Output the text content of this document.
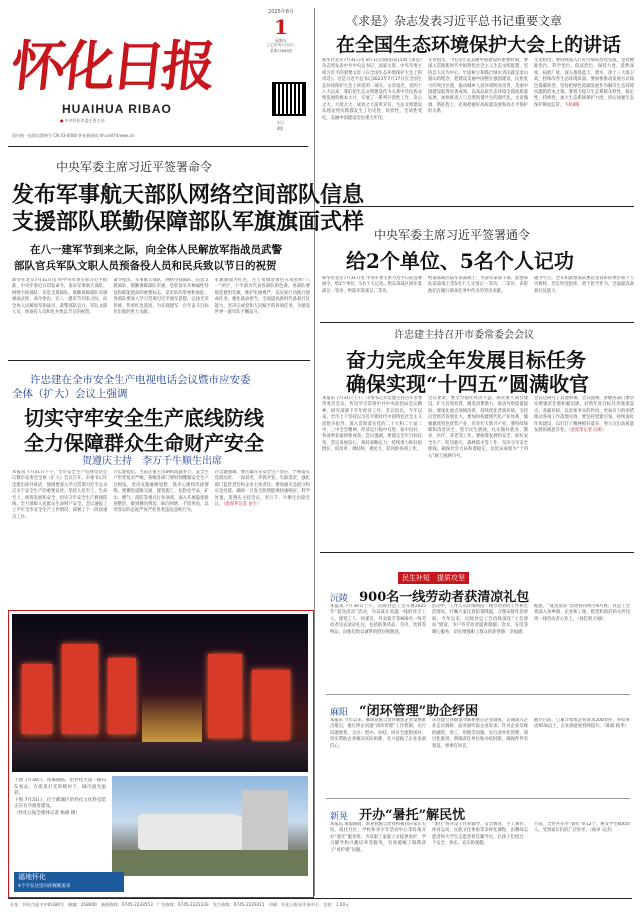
怀化日报
HUAIHUA RIBAO
● 中共怀化市委主管主办
国内统一连续出版物号 CN 43-0000 怀化新闻网 hh.ce074news.cn
2025年8月
1
星期五
乙巳年闰六月初八
星期13682期
今日
4版
《求是》杂志发表习近平总书记重要文章
在全国生态环境保护大会上的讲话
新华社北京7月31日电 8月1日出版的第15期《求是》杂志将发表中共中央总书记、国家主席、中央军委主席习近平的重要文章《在全国生态环境保护大会上的讲话》。这是习近平总书记2023年7月17日在全国生态环境保护大会上讲话的一部分。文章指出，党的十八大以来，我们把生态文明建设作为关系中华民族永续发展的根本大计，开展了一系列开创性工作，决心之大、力度之大、成效之大前所未有，生态文明建设从理论到实践都发生了历史性、转折性、全局性变化，美丽中国建设迈出重大步伐。
文章指出，今后5年是美丽中国建设的重要时期，要深入贯彻新时代中国特色社会主义生态文明思想，坚持以人民为中心，牢固树立和践行绿水青山就是金山银山的理念，把建设美丽中国摆在强国建设、民族复兴的突出位置，推动城乡人居环境明显改善、美丽中国建设取得显著成效，以高品质生态环境支撑高质量发展，加快推进人与自然和谐共生的现代化。文章强调，新征程上，必须把握好高质量发展和高水平保护的关系。
文章指出，要持续深入打好污染防治攻坚战，坚持精准治污、科学治污、依法治污，保持力度、延伸深度、拓展广度，深入推进蓝天、碧水、净土三大保卫战，持续改善生态环境质量。要加快推动发展方式绿色低碳转型，坚持把绿色低碳发展作为解决生态环境问题的治本之策。要着力提升生态系统多样性、稳定性、持续性，加大生态系统保护力度，切实加强生态保护修复监管。下转4版
中央军委主席习近平签署命令
发布军事航天部队网络空间部队信息
支援部队联勤保障部队军旗旗面式样
在八一建军节到来之际，向全体人民解放军指战员武警
部队官兵军队文职人员预备役人员和民兵致以节日的祝贺
新华社北京7月31日电 经中央军委主席习近平批准，中央军委近日印发命令，发布军事航天部队、网络空间部队、信息支援部队、联勤保障部队军旗旗面式样。命令指出，在八一建军节到来之际，向全体人民解放军指战员、武警部队官兵、军队文职人员、预备役人员和民兵致以节日的祝贺。
命令指出，军事航天部队、网络空间部队、信息支援部队、联勤保障部队军旗，是彰显军兵种属性特征和职能使命的重要标志，是军队的荣誉和象征。各部队要深入学习贯彻习近平强军思想，弘扬光荣传统，传承红色基因，为实现建军一百年奋斗目标作出新的更大贡献。
军旗旗面为红色，左上角缀金黄色五角星和“八一”两字，下半部为代表各部队的色条。各部队要规范使用军旗，维护军旗尊严，以实际行动践行使命任务，强化使命担当，全面提高新时代备战打仗能力，坚决完成党和人民赋予的各项任务，为建设世界一流军队不懈奋斗。
中央军委主席习近平签署通令
给2个单位、5名个人记功
新华社北京7月31日电 中央军委主席习近平日前签署通令，给2个单位、5名个人记功。给东部战区海军某部记一等功，给陆军某部记二等功。
给南部战区陆军某部战士、火箭军某部干部、武警部队某部战士等5名个人分别记一等功、二等功，表彰他们在履行使命任务中作出的突出贡献。
通令号召，全军和武警部队要以受表彰的单位和个人为榜样，坚定听党指挥，勇于担当作为，全面提高备战打仗能力。
许忠建主持召开市委常委会会议
奋力完成全年发展目标任务
确保实现“十四五”圆满收官
本报讯 7月31日上午，市委书记许忠建主持召开市委常委会会议，传达学习贯彻中共中央政治局会议精神，研究部署下半年经济工作。会议指出，今年以来，全市上下坚持以习近平新时代中国特色社会主义思想为指导，深入贯彻落实党的二十大和二十届二中、三中全会精神，经济运行稳中有进、稳中向好，各项事业取得新成效。会议强调，要锚定全年目标任务，坚定发展信心，保持战略定力，持续用力抓好稳增长、促改革、调结构、惠民生、防风险各项工作。
会议要求，要全力稳住经济大盘，抓实重大项目建设，扩大有效投资，激发消费潜力，推动外贸稳量提质。要深化重点领域改革，持续优化营商环境，支持民营经济发展壮大。要加快构建现代化产业体系，做强做优特色优势产业，培育壮大新兴产业。要持续保障和改善民生，兜牢民生底线，扎实做好就业、教育、医疗、养老等工作。要统筹发展和安全，抓好安全生产、防汛救灾、森林防火等工作，坚决守牢安全底线，确保社会大局和谐稳定，以优异成绩为“十四五”画上圆满句号。
会议还研究了其他事项。会议强调，各级各部门要切实增强责任感和紧迫感，对照年度目标任务逐项盘点、查漏补缺，以更加务实的作风、更加有力的举措推动各项工作落地见效。要坚持党建引领，持续深化作风建设，以钉钉子精神抓好落实，努力交出高质量发展的满意答卷。（金谋华记者 向勇）
许忠建在全市安全生产电视电话会议暨市应安委
全体（扩大）会议上强调
切实守牢安全生产底线防线
全力保障群众生命财产安全
贺遵庆主持　李万千牛顺生出席
本报讯 7月31日下午，全市安全生产电视电话会议暨市安委会全体（扩大）会议召开。市委书记许忠建出席并讲话，强调要深入学习贯彻习近平总书记关于安全生产的重要论述，坚持人民至上、生命至上，统筹发展和安全，切实守牢安全生产底线防线，全力保障人民群众生命财产安全。会议通报了上半年全市安全生产工作情况，部署了下一阶段重点工作。
许忠建指出，当前正值主汛期和高温季节，安全生产形势复杂严峻，各级各部门要时刻绷紧安全生产这根弦，坚决克服麻痹思想、侥幸心理和厌战情绪。要聚焦道路交通、建筑施工、危险化学品、矿山、燃气、消防等重点行业领域，深入开展隐患排查整治，做到横向到边、纵向到底、不留死角，以零容忍的态度严查严处各类违法违规行为。
许忠建强调，要压紧压实安全生产责任，严格落实党政同责、一岗双责、齐抓共管、失职追责，强化部门监管责任和企业主体责任。要加强应急值守和应急处置，确保一旦发生险情能够快速响应、科学处置。贺遵庆主持会议，李万千、牛顺生出席会议。（金谋华记者 龙宇）
上图 7月30日，夜幕降临，沿怀化大道一路向东看去，在夜景灯光的映衬下，城市流光溢彩。
下图 7月31日，位于鹤城区的怀化文化科技馆正在有序推进建设。
（怀化日报全媒体记者 杨雄 摄）
福地怀化
4个字在这里向你娓娓道来
民生补短　提质攻坚
沅陵 900名一线劳动者获清凉礼包
本报讯 7月30日上午，沅陵县总工会开展2025年“夏送清凉”活动，为奋战在高温一线的环卫工人、建筑工人、快递员、外卖骑手等900名一线劳动者送去清凉礼包，包括防暑药品、毛巾、饮料等物品，向他们致以诚挚的慰问和敬意。
活动中，工作人员详细询问一线劳动者的工作和生活情况，叮嘱大家注意防暑降温，合理安排作息时间。今年以来，沅陵县总工会持续深化“工会驿站”建设，为户外劳动者提供歇脚、饮水、充电等暖心服务，切实增强职工群众的获得感、幸福感。
据悉，“夏送清凉”活动将持续至8月底，县总工会将深入各乡镇、企业和工地，把党和政府的关怀送到一线劳动者心坎上。（刘佳明 向丽）
麻阳 “闭环管理”助企纾困
本报讯 今年以来，麻阳苗族自治县聚焦企业发展难点堵点，推行涉企问题“闭环管理”工作机制，实行问题收集、交办、督办、办结、回访全流程闭环，切实帮助企业解决实际困难，有力提振了企业发展信心。
该县建立县级领导联系重点企业制度，定期深入企业走访调研，面对面听取企业诉求。针对企业反映的融资、用工、用地等问题，实行清单化管理、项目化推进，明确责任单位和办结时限，确保件件有着落、事事有回音。
截至目前，已累计收集企业诉求200余件，办结率达95%以上，企业满意度持续提升。（陈斌 杨华）
新晃 开办“暑托”解民忧
本报讯 暑假期间，新晃侗族自治县积极回应家长关切，依托社区、学校和青少年活动中心等阵地开办“暑托”服务班，为双职工家庭子女提供看护、学习辅导和兴趣培养等服务，有效破解了假期孩子“看护难”问题。
“暑托”班开设了作业辅导、安全教育、手工制作、体育运动、民族文化体验等多样化课程，由教师志愿者和大学生志愿者担任辅导员，让孩子们度过一个安全、快乐、充实的暑假。
目前，全县共开办“暑托”班12个，惠及学生600余人，受到家长们的广泛好评。（杨卓 吴杰）
社址：怀化市迎丰中路180号　邮编：418000　新闻热线：0745-2233553　广告热线：0745-2222333　发行热线：0745-2229311　印刷：怀化日报社印务中心　定价：1.00元
